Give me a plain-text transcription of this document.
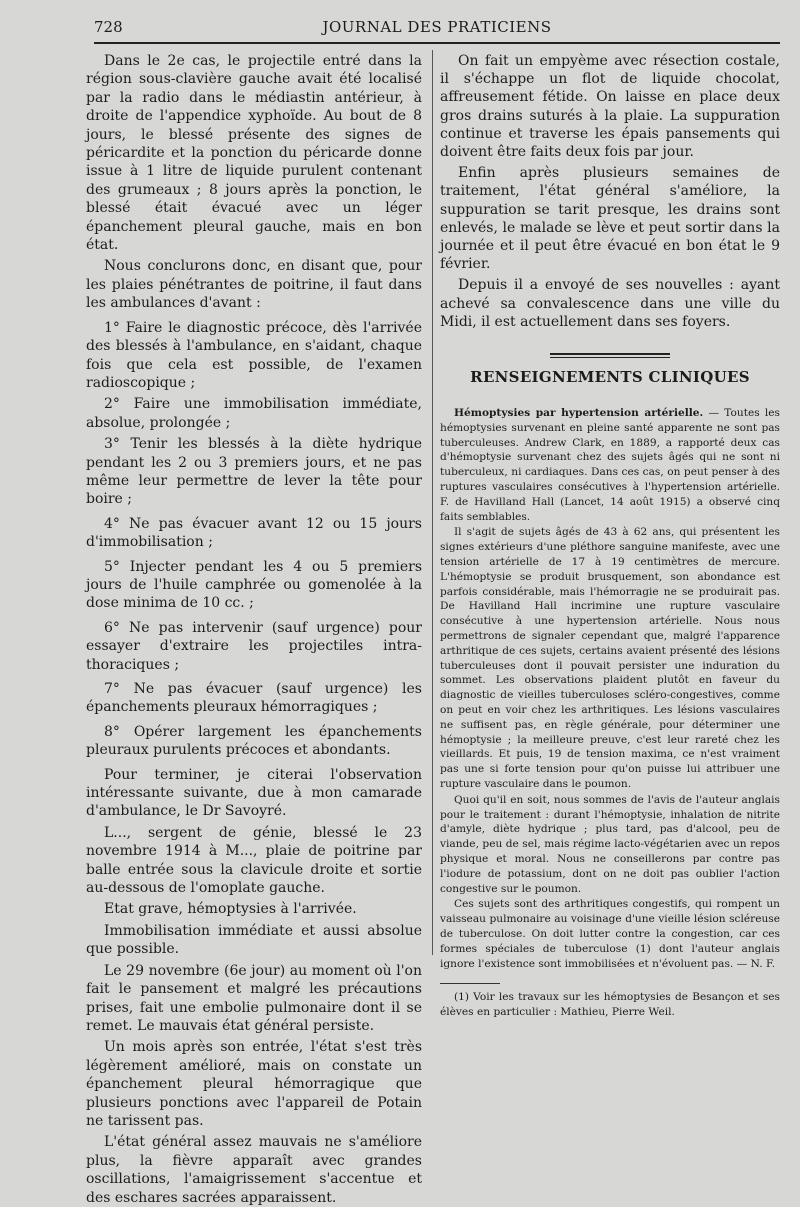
728	JOURNAL DES PRATICIENS

Dans le 2e cas, le projectile entré dans la région sous-clavière gauche avait été localisé par la radio dans le médiastin antérieur, à droite de l'appendice xyphoïde. Au bout de 8 jours, le blessé présente des signes de péricardite et la ponction du péricarde donne issue à 1 litre de liquide purulent contenant des grumeaux ; 8 jours après la ponction, le blessé était évacué avec un léger épanchement pleural gauche, mais en bon état.

Nous conclurons donc, en disant que, pour les plaies pénétrantes de poitrine, il faut dans les ambulances d'avant :

1° Faire le diagnostic précoce, dès l'arrivée des blessés à l'ambulance, en s'aidant, chaque fois que cela est possible, de l'examen radioscopique ;

2° Faire une immobilisation immédiate, absolue, prolongée ;

3° Tenir les blessés à la diète hydrique pendant les 2 ou 3 premiers jours, et ne pas même leur permettre de lever la tête pour boire ;

4° Ne pas évacuer avant 12 ou 15 jours d'immobilisation ;

5° Injecter pendant les 4 ou 5 premiers jours de l'huile camphrée ou gomenolée à la dose minima de 10 cc. ;

6° Ne pas intervenir (sauf urgence) pour essayer d'extraire les projectiles intra-thoraciques ;

7° Ne pas évacuer (sauf urgence) les épanchements pleuraux hémorragiques ;

8° Opérer largement les épanchements pleuraux purulents précoces et abondants.

Pour terminer, je citerai l'observation intéressante suivante, due à mon camarade d'ambulance, le Dr Savoyré.

L..., sergent de génie, blessé le 23 novembre 1914 à M..., plaie de poitrine par balle entrée sous la clavicule droite et sortie au-dessous de l'omoplate gauche.

Etat grave, hémoptysies à l'arrivée.

Immobilisation immédiate et aussi absolue que possible.

Le 29 novembre (6e jour) au moment où l'on fait le pansement et malgré les précautions prises, fait une embolie pulmonaire dont il se remet. Le mauvais état général persiste.

Un mois après son entrée, l'état s'est très légèrement amélioré, mais on constate un épanchement pleural hémorragique que plusieurs ponctions avec l'appareil de Potain ne tarissent pas.

L'état général assez mauvais ne s'améliore plus, la fièvre apparaît avec grandes oscillations, l'amaigrissement s'accentue et des eschares sacrées apparaissent.

On fait un empyème avec résection costale, il s'échappe un flot de liquide chocolat, affreusement fétide. On laisse en place deux gros drains suturés à la plaie. La suppuration continue et traverse les épais pansements qui doivent être faits deux fois par jour.

Enfin après plusieurs semaines de traitement, l'état général s'améliore, la suppuration se tarit presque, les drains sont enlevés, le malade se lève et peut sortir dans la journée et il peut être évacué en bon état le 9 février.

Depuis il a envoyé de ses nouvelles : ayant achevé sa convalescence dans une ville du Midi, il est actuellement dans ses foyers.

RENSEIGNEMENTS CLINIQUES

Hémoptysies par hypertension artérielle. — Toutes les hémoptysies survenant en pleine santé apparente ne sont pas tuberculeuses. Andrew Clark, en 1889, a rapporté deux cas d'hémoptysie survenant chez des sujets âgés qui ne sont ni tuberculeux, ni cardiaques. Dans ces cas, on peut penser à des ruptures vasculaires consécutives à l'hypertension artérielle. F. de Havilland Hall (Lancet, 14 août 1915) a observé cinq faits semblables.

Il s'agit de sujets âgés de 43 à 62 ans, qui présentent les signes extérieurs d'une pléthore sanguine manifeste, avec une tension artérielle de 17 à 19 centimètres de mercure. L'hémoptysie se produit brusquement, son abondance est parfois considérable, mais l'hémorragie ne se produirait pas. De Havilland Hall incrimine une rupture vasculaire consécutive à une hypertension artérielle. Nous nous permettrons de signaler cependant que, malgré l'apparence arthritique de ces sujets, certains avaient présenté des lésions tuberculeuses dont il pouvait persister une induration du sommet. Les observations plaident plutôt en faveur du diagnostic de vieilles tuberculoses scléro-congestives, comme on peut en voir chez les arthritiques. Les lésions vasculaires ne suffisent pas, en règle générale, pour déterminer une hémoptysie ; la meilleure preuve, c'est leur rareté chez les vieillards. Et puis, 19 de tension maxima, ce n'est vraiment pas une si forte tension pour qu'on puisse lui attribuer une rupture vasculaire dans le poumon.

Quoi qu'il en soit, nous sommes de l'avis de l'auteur anglais pour le traitement : durant l'hémoptysie, inhalation de nitrite d'amyle, diète hydrique ; plus tard, pas d'alcool, peu de viande, peu de sel, mais régime lacto-végétarien avec un repos physique et moral. Nous ne conseillerons par contre pas l'iodure de potassium, dont on ne doit pas oublier l'action congestive sur le poumon.

Ces sujets sont des arthritiques congestifs, qui rompent un vaisseau pulmonaire au voisinage d'une vieille lésion scléreuse de tuberculose. On doit lutter contre la congestion, car ces formes spéciales de tuberculose (1) dont l'auteur anglais ignore l'existence sont immobilisées et n'évoluent pas. — N. F.

(1) Voir les travaux sur les hémoptysies de Besançon et ses élèves en particulier : Mathieu, Pierre Weil.
